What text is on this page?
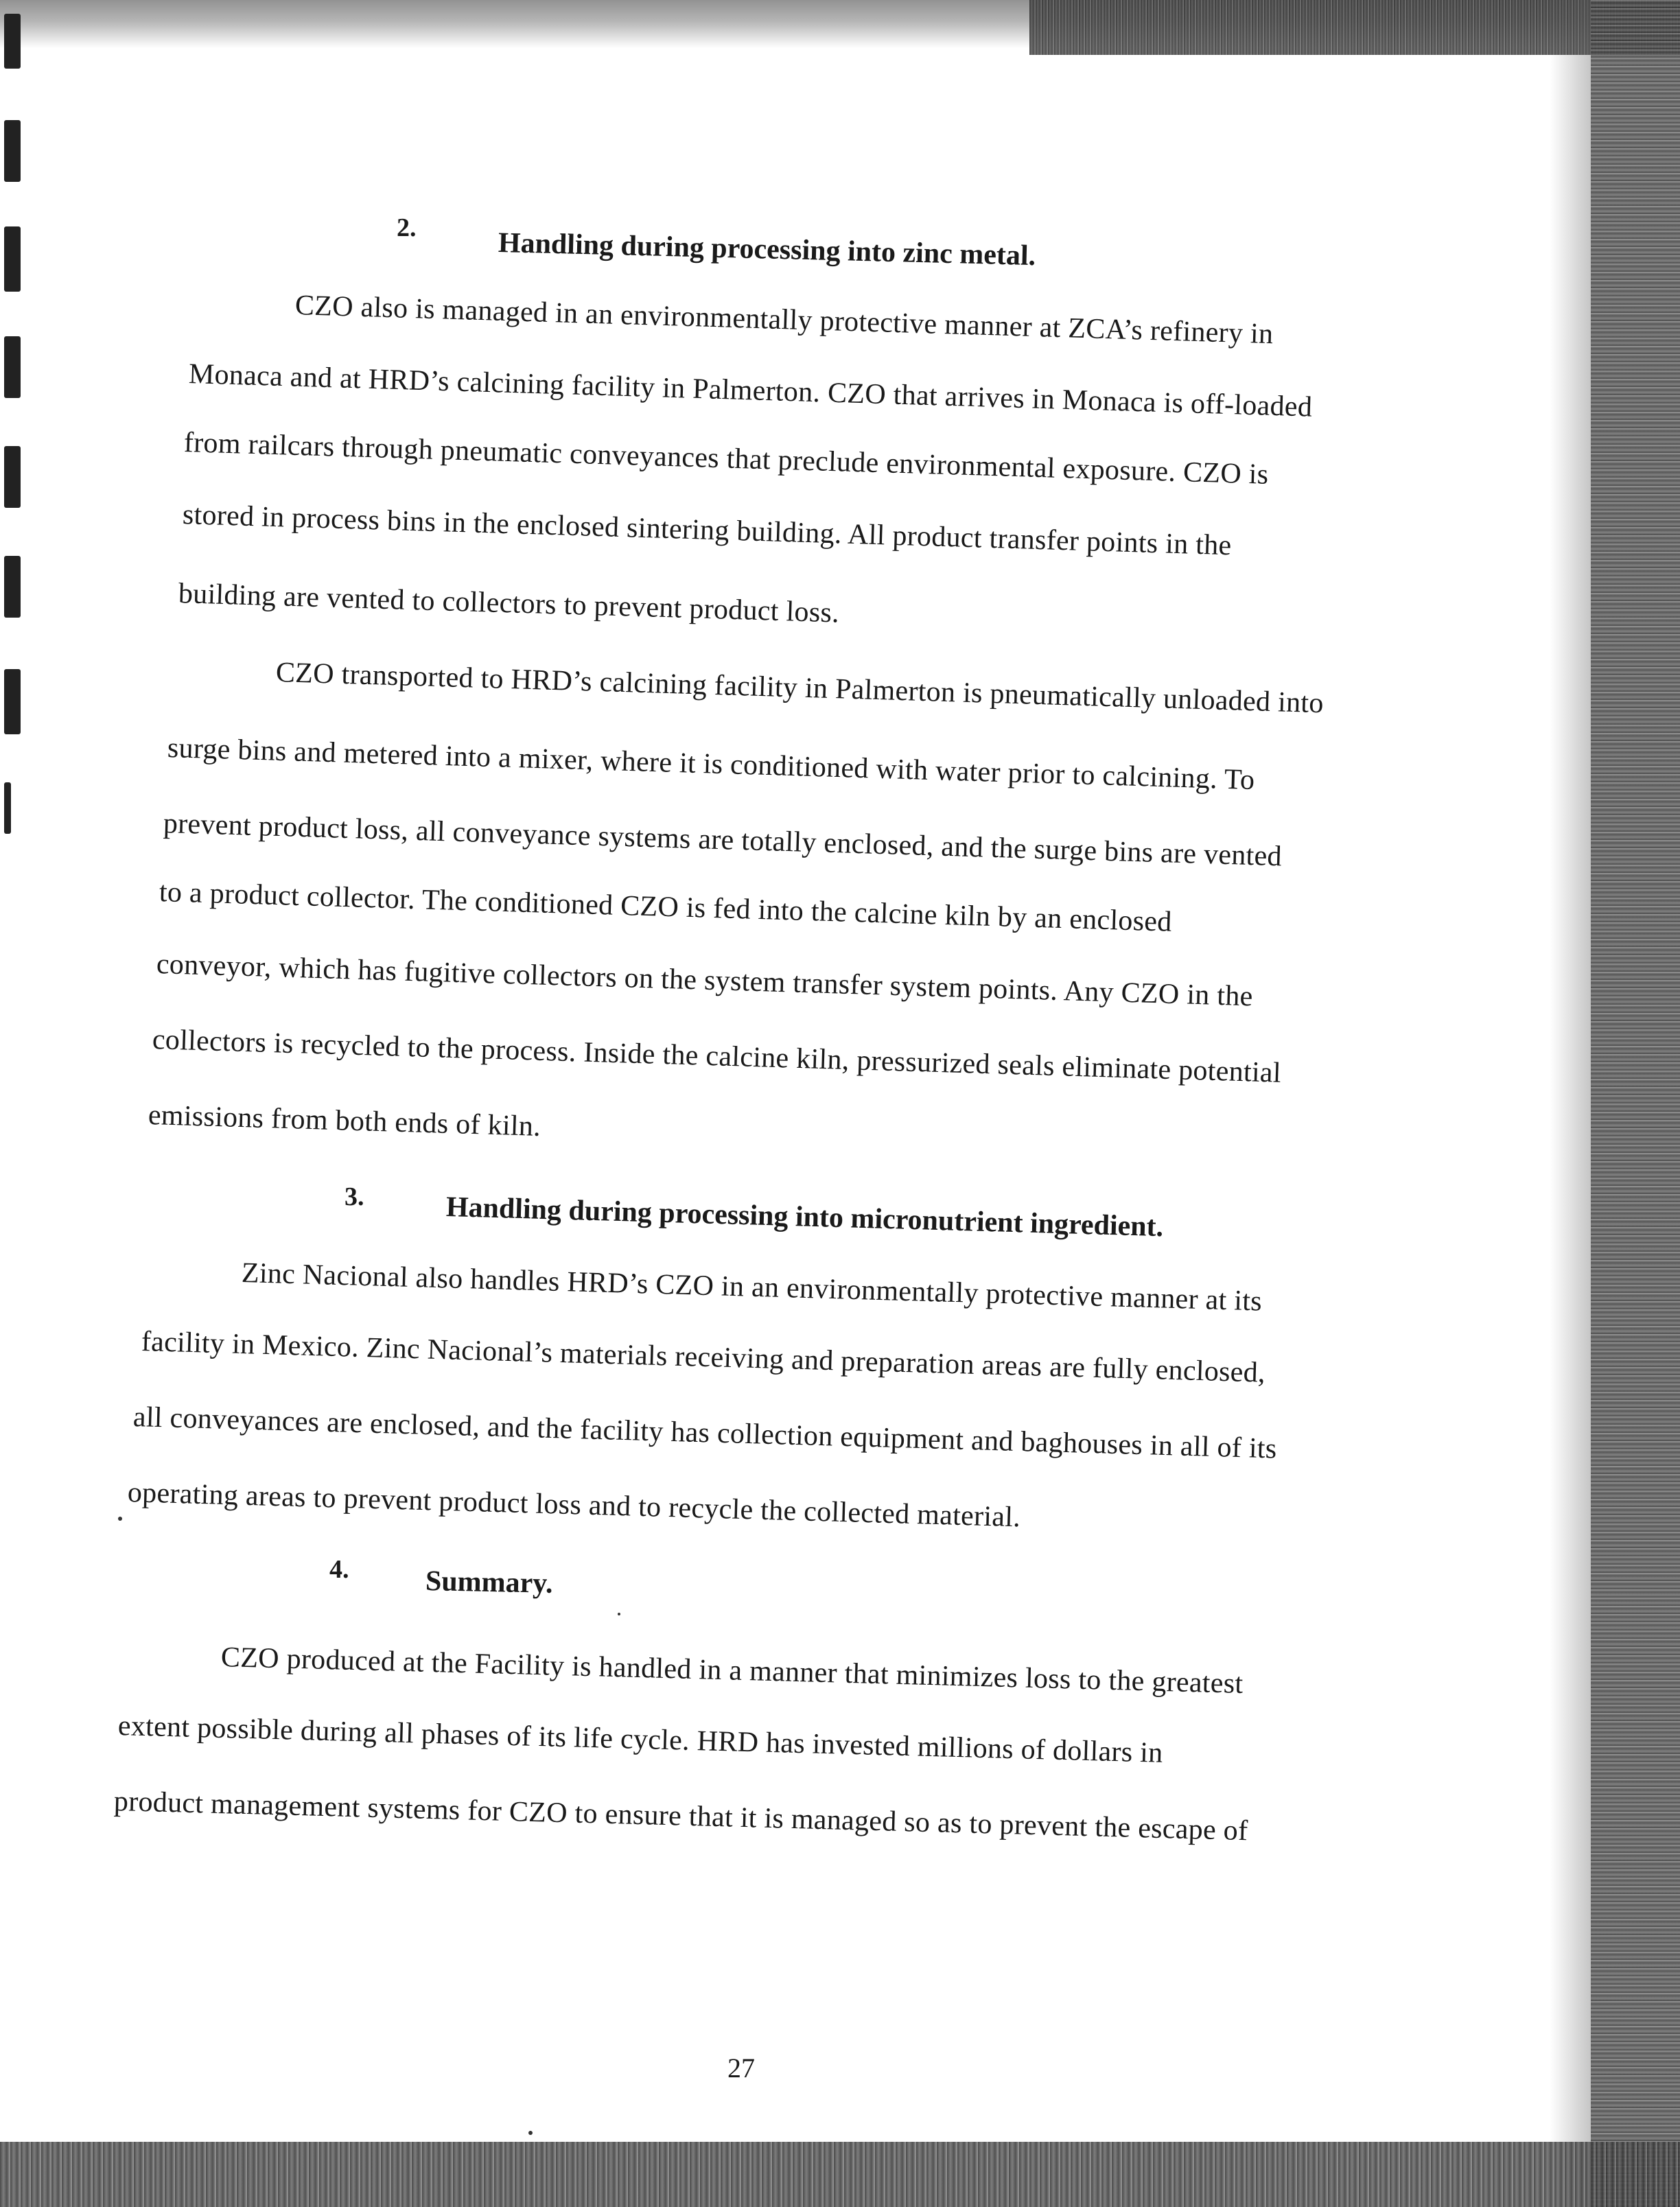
2.	Handling during processing into zinc metal.
CZO also is managed in an environmentally protective manner at ZCA’s refinery in
Monaca and at HRD’s calcining facility in Palmerton. CZO that arrives in Monaca is off-loaded
from railcars through pneumatic conveyances that preclude environmental exposure. CZO is
stored in process bins in the enclosed sintering building. All product transfer points in the
building are vented to collectors to prevent product loss.
CZO transported to HRD’s calcining facility in Palmerton is pneumatically unloaded into
surge bins and metered into a mixer, where it is conditioned with water prior to calcining. To
prevent product loss, all conveyance systems are totally enclosed, and the surge bins are vented
to a product collector. The conditioned CZO is fed into the calcine kiln by an enclosed
conveyor, which has fugitive collectors on the system transfer system points. Any CZO in the
collectors is recycled to the process. Inside the calcine kiln, pressurized seals eliminate potential
emissions from both ends of kiln.
3.	Handling during processing into micronutrient ingredient.
Zinc Nacional also handles HRD’s CZO in an environmentally protective manner at its
facility in Mexico. Zinc Nacional’s materials receiving and preparation areas are fully enclosed,
all conveyances are enclosed, and the facility has collection equipment and baghouses in all of its
operating areas to prevent product loss and to recycle the collected material.
4.	Summary.
CZO produced at the Facility is handled in a manner that minimizes loss to the greatest
extent possible during all phases of its life cycle. HRD has invested millions of dollars in
product management systems for CZO to ensure that it is managed so as to prevent the escape of
27
